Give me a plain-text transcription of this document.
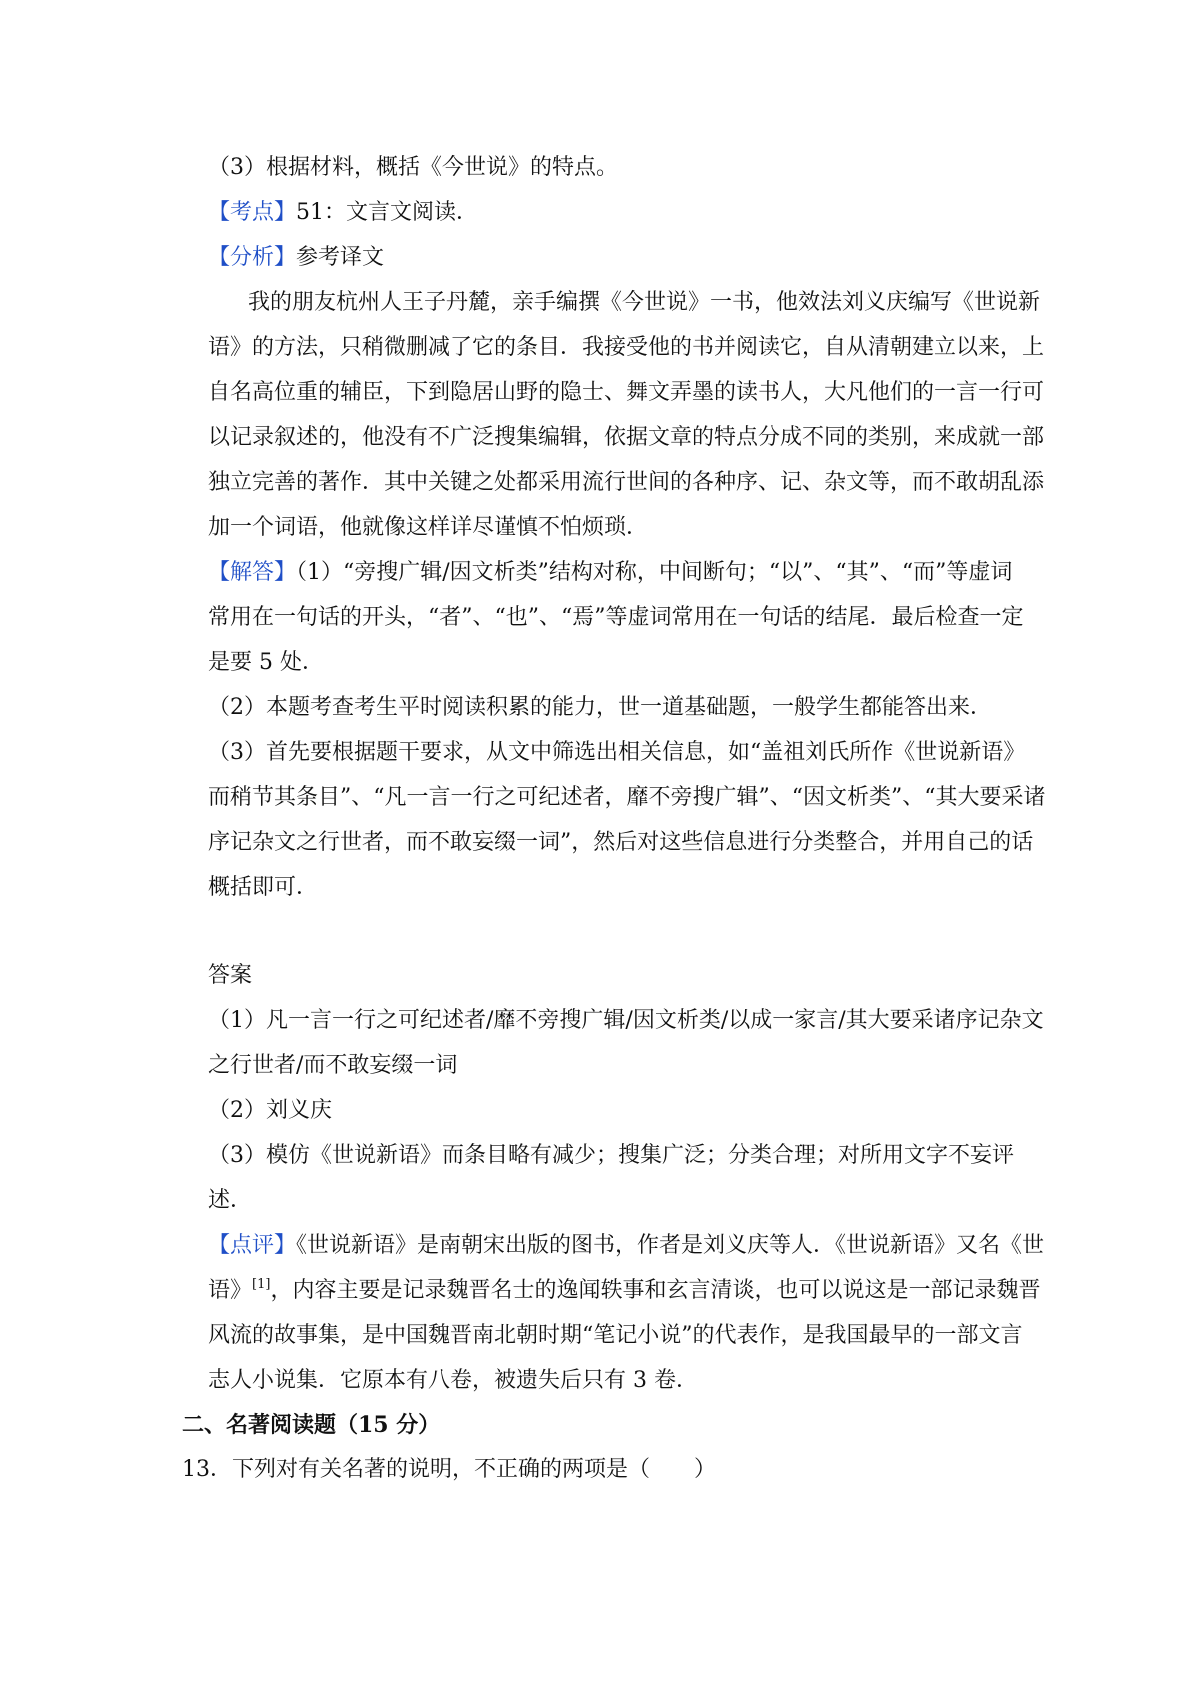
（3）根据材料，概括《今世说》的特点。
【考点】51：文言文阅读．
【分析】参考译文
我的朋友杭州人王子丹麓，亲手编撰《今世说》一书，他效法刘义庆编写《世说新
语》的方法，只稍微删减了它的条目．我接受他的书并阅读它，自从清朝建立以来，上
自名高位重的辅臣，下到隐居山野的隐士、舞文弄墨的读书人，大凡他们的一言一行可
以记录叙述的，他没有不广泛搜集编辑，依据文章的特点分成不同的类别，来成就一部
独立完善的著作．其中关键之处都采用流行世间的各种序、记、杂文等，而不敢胡乱添
加一个词语，他就像这样详尽谨慎不怕烦琐．
【解答】（1）“旁搜广辑/因文析类”结构对称，中间断句；“以”、“其”、“而”等虚词
常用在一句话的开头，“者”、“也”、“焉”等虚词常用在一句话的结尾．最后检查一定
是要 5 处．
（2）本题考查考生平时阅读积累的能力，世一道基础题，一般学生都能答出来．
（3）首先要根据题干要求，从文中筛选出相关信息，如“盖祖刘氏所作《世说新语》
而稍节其条目”、“凡一言一行之可纪述者，靡不旁搜广辑”、“因文析类”、“其大要采诸
序记杂文之行世者，而不敢妄缀一词”，然后对这些信息进行分类整合，并用自己的话
概括即可．
答案
（1）凡一言一行之可纪述者/靡不旁搜广辑/因文析类/以成一家言/其大要采诸序记杂文
之行世者/而不敢妄缀一词
（2）刘义庆
（3）模仿《世说新语》而条目略有减少；搜集广泛；分类合理；对所用文字不妄评
述．
【点评】《世说新语》是南朝宋出版的图书，作者是刘义庆等人．《世说新语》又名《世
语》[1]，内容主要是记录魏晋名士的逸闻轶事和玄言清谈，也可以说这是一部记录魏晋
风流的故事集，是中国魏晋南北朝时期“笔记小说”的代表作，是我国最早的一部文言
志人小说集．它原本有八卷，被遗失后只有 3 卷．
二、名著阅读题（15 分）
13．下列对有关名著的说明，不正确的两项是（　　）
